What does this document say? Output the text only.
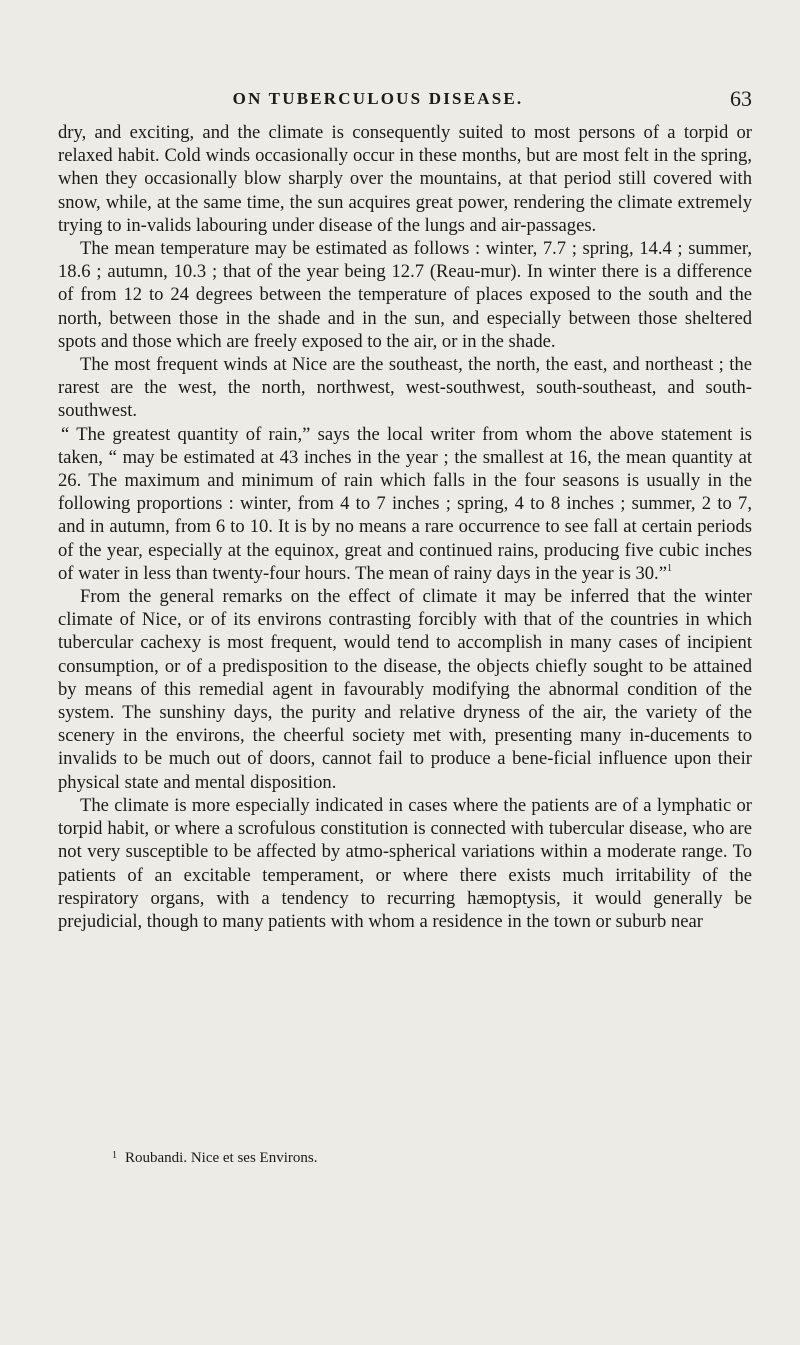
ON TUBERCULOUS DISEASE.	63

dry, and exciting, and the climate is consequently suited to most persons of a torpid or relaxed habit. Cold winds occasionally occur in these months, but are most felt in the spring, when they occasionally blow sharply over the mountains, at that period still covered with snow, while, at the same time, the sun acquires great power, rendering the climate extremely trying to in-valids labouring under disease of the lungs and air-passages.

The mean temperature may be estimated as follows : winter, 7.7 ; spring, 14.4 ; summer, 18.6 ; autumn, 10.3 ; that of the year being 12.7 (Reau-mur). In winter there is a difference of from 12 to 24 degrees between the temperature of places exposed to the south and the north, between those in the shade and in the sun, and especially between those sheltered spots and those which are freely exposed to the air, or in the shade.

The most frequent winds at Nice are the southeast, the north, the east, and northeast ; the rarest are the west, the north, northwest, west-southwest, south-southeast, and south-southwest.

“ The greatest quantity of rain,” says the local writer from whom the above statement is taken, “ may be estimated at 43 inches in the year ; the smallest at 16, the mean quantity at 26. The maximum and minimum of rain which falls in the four seasons is usually in the following proportions : winter, from 4 to 7 inches ; spring, 4 to 8 inches ; summer, 2 to 7, and in autumn, from 6 to 10. It is by no means a rare occurrence to see fall at certain periods of the year, especially at the equinox, great and continued rains, producing five cubic inches of water in less than twenty-four hours. The mean of rainy days in the year is 30.”$^1$

From the general remarks on the effect of climate it may be inferred that the winter climate of Nice, or of its environs contrasting forcibly with that of the countries in which tubercular cachexy is most frequent, would tend to accomplish in many cases of incipient consumption, or of a predisposition to the disease, the objects chiefly sought to be attained by means of this remedial agent in favourably modifying the abnormal condition of the system. The sunshiny days, the purity and relative dryness of the air, the variety of the scenery in the environs, the cheerful society met with, presenting many in-ducements to invalids to be much out of doors, cannot fail to produce a bene-ficial influence upon their physical state and mental disposition.

The climate is more especially indicated in cases where the patients are of a lymphatic or torpid habit, or where a scrofulous constitution is connected with tubercular disease, who are not very susceptible to be affected by atmo-spherical variations within a moderate range. To patients of an excitable temperament, or where there exists much irritability of the respiratory organs, with a tendency to recurring hæmoptysis, it would generally be prejudicial, though to many patients with whom a residence in the town or suburb near

$^1$ Roubandi. Nice et ses Environs.
